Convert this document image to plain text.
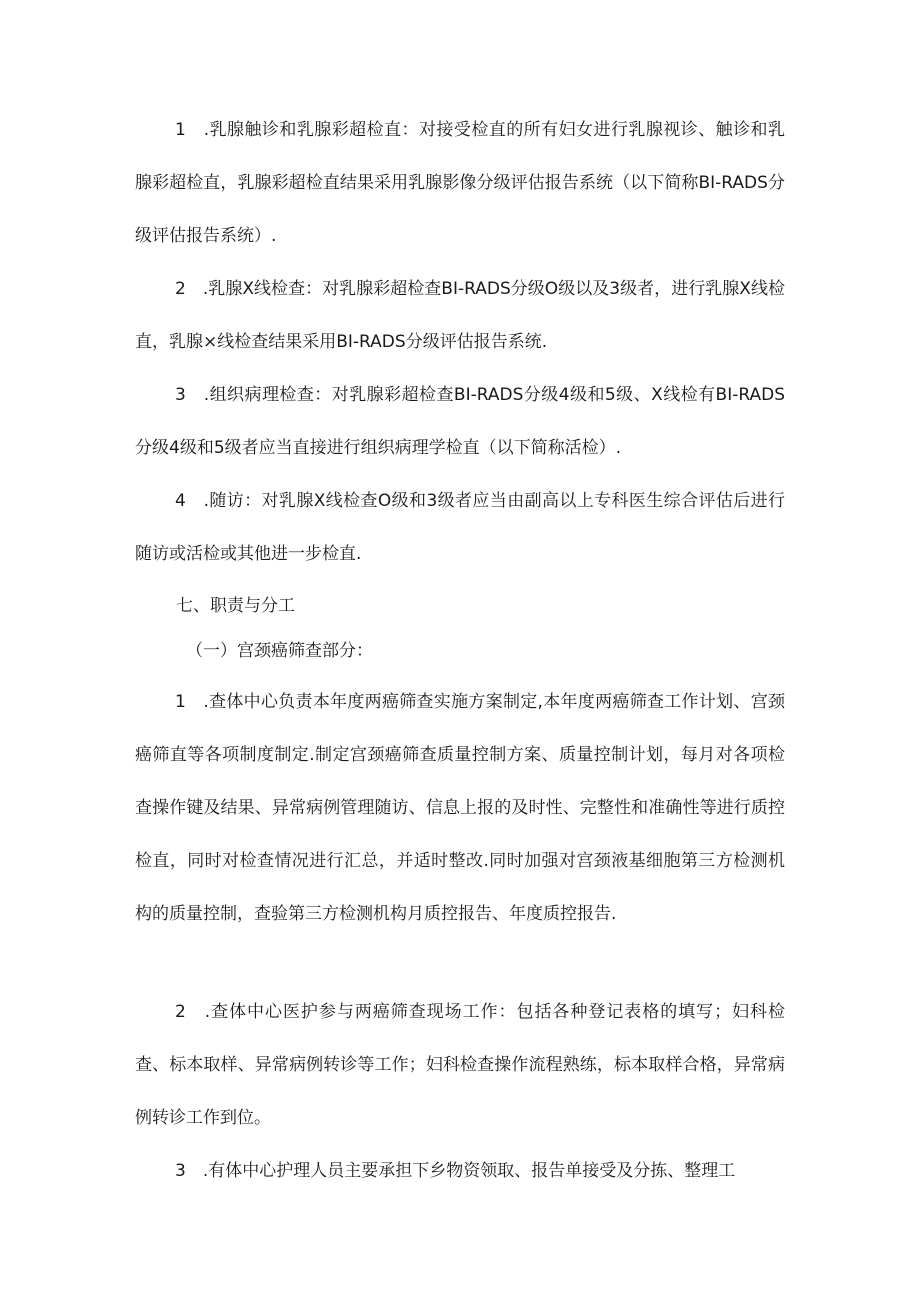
1　.乳腺触诊和乳腺彩超检直：对接受检直的所有妇女进行乳腺视诊、触诊和乳腺彩超检直，乳腺彩超检直结果采用乳腺影像分级评估报告系统（以下简称BI-RADS分级评估报告系统）.

2　.乳腺X线检查：对乳腺彩超检查BI-RADS分级O级以及3级者，进行乳腺X线检直，乳腺×线检查结果采用BI-RADS分级评估报告系统.

3　.组织病理检查：对乳腺彩超检查BI-RADS分级4级和5级、X线检有BI-RADS分级4级和5级者应当直接进行组织病理学检直（以下简称活检）.

4　.随访：对乳腺X线检查O级和3级者应当由副高以上专科医生综合评估后进行随访或活检或其他进一步检直.

七、职责与分工

（一）宫颈癌筛查部分：

1　.查体中心负责本年度两癌筛查实施方案制定,本年度两癌筛查工作计划、宫颈癌筛直等各项制度制定.制定宫颈癌筛查质量控制方案、质量控制计划，每月对各项检查操作键及结果、异常病例管理随访、信息上报的及时性、完整性和准确性等进行质控检直，同时对检查情况进行汇总，并适时整改.同时加强对宫颈液基细胞第三方检测机构的质量控制，查验第三方检测机构月质控报告、年度质控报告.

2　.查体中心医护参与两癌筛查现场工作：包括各种登记表格的填写；妇科检查、标本取样、异常病例转诊等工作；妇科检查操作流程熟练，标本取样合格，异常病例转诊工作到位。

3　.有体中心护理人员主要承担下乡物资领取、报告单接受及分拣、整理工
